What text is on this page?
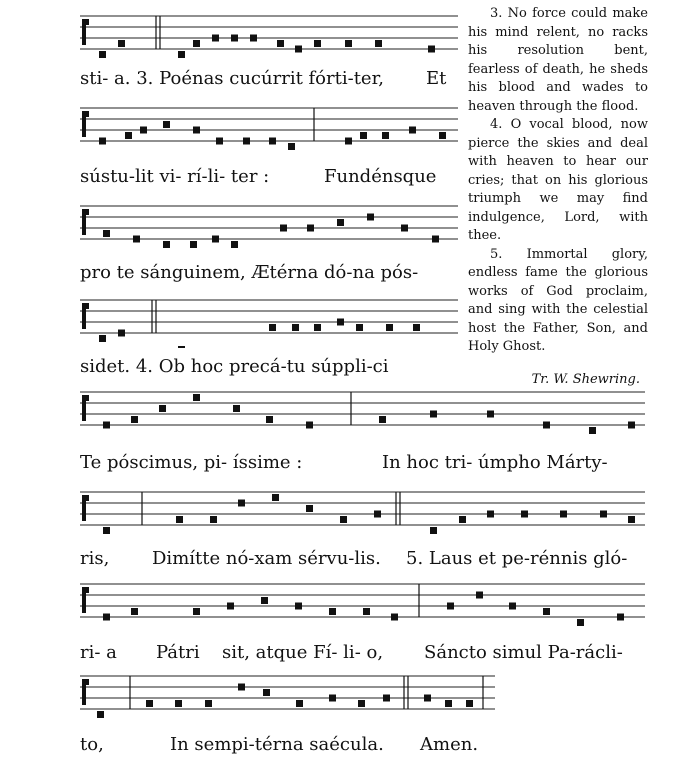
sti- a. 3. Poénas cucúrrit fórti-ter, Et
sústu-lit vi- rí-li- ter :	Fundénsque
pro te sánguinem, Ætérna dó-na pós-
sidet. 4. Ob hoc precá-tu súppli-ci
Te póscimus, pi- íssime :	In hoc tri- úmpho Márty-
ris, Dimítte nó-xam sérvu-lis. 5. Laus et pe-rénnis gló-
ri- a Pátri sit, atque Fí- li- o, Sáncto simul Pa-rácli-
to,	In sempi-térna saécula. Amen.

3. No force could make his mind relent, no racks his resolution bent, fearless of death, he sheds his blood and wades to heaven through the flood.

4. O vocal blood, now pierce the skies and deal with heaven to hear our cries; that on his glorious triumph we may find indulgence, Lord, with thee.

5. Immortal glory, endless fame the glorious works of God proclaim, and sing with the celestial host the Father, Son, and Holy Ghost.

Tr. W. Shewring.
